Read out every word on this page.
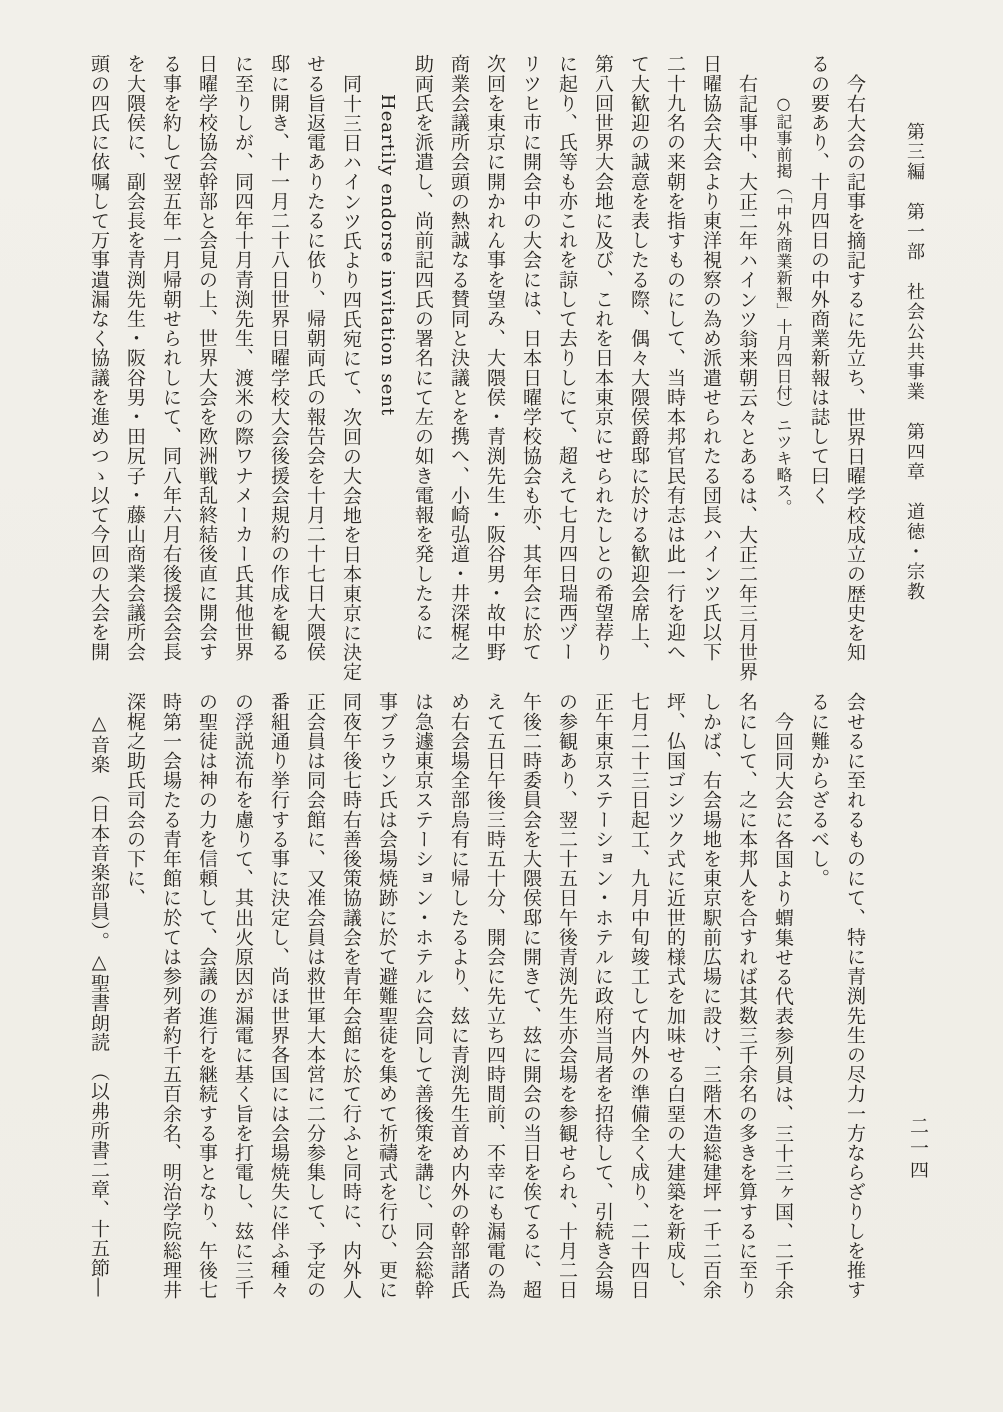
第三編　第一部　社会公共事業　第四章　道徳・宗教
二一四
今右大会の記事を摘記するに先立ち、世界日曜学校成立の歴史を知
るの要あり、十月四日の中外商業新報は誌して曰く
○記事前掲（「中外商業新報」十月四日付）ニツキ略ス。
右記事中、大正二年ハインツ翁来朝云々とあるは、大正二年三月世界
日曜協会大会より東洋視察の為め派遣せられたる団長ハインツ氏以下
二十九名の来朝を指すものにして、当時本邦官民有志は此一行を迎へ
て大歓迎の誠意を表したる際、偶々大隈侯爵邸に於ける歓迎会席上、
第八回世界大会地に及び、これを日本東京にせられたしとの希望荐り
に起り、氏等も亦これを諒して去りしにて、超えて七月四日瑞西ヅー
リツヒ市に開会中の大会には、日本日曜学校協会も亦、其年会に於て
次回を東京に開かれん事を望み、大隈侯・青渕先生・阪谷男・故中野
商業会議所会頭の熱誠なる賛同と決議とを携へ、小崎弘道・井深梶之
助両氏を派遣し、尚前記四氏の署名にて左の如き電報を発したるに
Heartily endorse invitation sent
同十三日ハインツ氏より四氏宛にて、次回の大会地を日本東京に決定
せる旨返電ありたるに依り、帰朝両氏の報告会を十月二十七日大隈侯
邸に開き、十一月二十八日世界日曜学校大会後援会規約の作成を観る
に至りしが、同四年十月青渕先生、渡米の際ワナメーカー氏其他世界
日曜学校協会幹部と会見の上、世界大会を欧洲戦乱終結後直に開会す
る事を約して翌五年一月帰朝せられしにて、同八年六月右後援会会長
を大隈侯に、副会長を青渕先生・阪谷男・田尻子・藤山商業会議所会
頭の四氏に依嘱して万事遺漏なく協議を進めつゝ以て今回の大会を開
会せるに至れるものにて、特に青渕先生の尽力一方ならざりしを推す
るに難からざるべし。
今回同大会に各国より蝟集せる代表参列員は、三十三ヶ国、二千余
名にして、之に本邦人を合すれば其数三千余名の多きを算するに至り
しかば、右会場地を東京駅前広場に設け、三階木造総建坪一千二百余
坪、仏国ゴシツク式に近世的様式を加味せる白堊の大建築を新成し、
七月二十三日起工、九月中旬竣工して内外の準備全く成り、二十四日
正午東京ステーション・ホテルに政府当局者を招待して、引続き会場
の参観あり、翌二十五日午後青渕先生亦会場を参観せられ、十月二日
午後二時委員会を大隈侯邸に開きて、玆に開会の当日を俟てるに、超
えて五日午後三時五十分、開会に先立ち四時間前、不幸にも漏電の為
め右会場全部烏有に帰したるより、玆に青渕先生首め内外の幹部諸氏
は急遽東京ステーション・ホテルに会同して善後策を講じ、同会総幹
事ブラウン氏は会場焼跡に於て避難聖徒を集めて祈禱式を行ひ、更に
同夜午後七時右善後策協議会を青年会館に於て行ふと同時に、内外人
正会員は同会館に、又准会員は救世軍大本営に二分参集して、予定の
番組通り挙行する事に決定し、尚ほ世界各国には会場焼失に伴ふ種々
の浮説流布を慮りて、其出火原因が漏電に基く旨を打電し、玆に三千
の聖徒は神の力を信頼して、会議の進行を継続する事となり、午後七
時第一会場たる青年館に於ては参列者約千五百余名、明治学院総理井
深梶之助氏司会の下に、
△音楽　（日本音楽部員）。△聖書朗読　（以弗所書二章、十五節―
